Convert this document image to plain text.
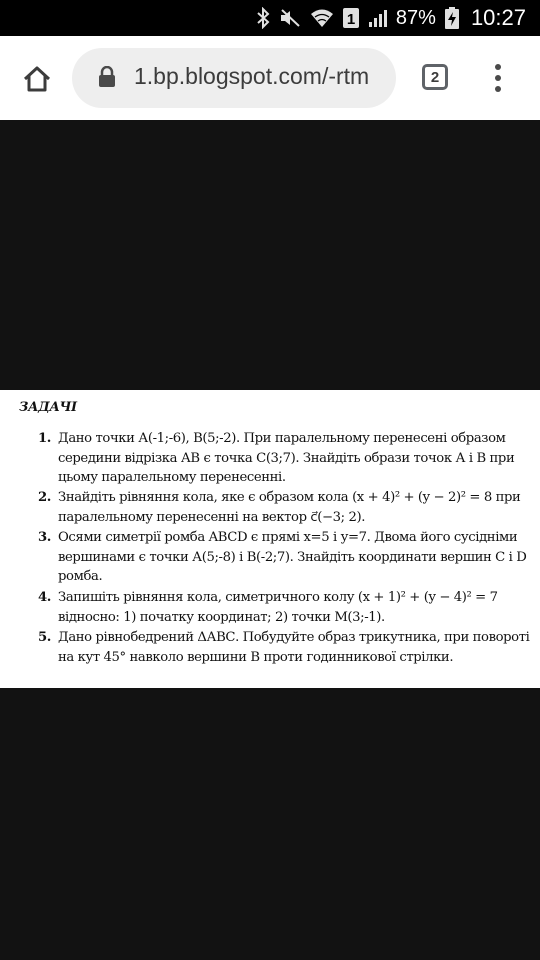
1 87% 10:27
1.bp.blogspot.com/-rtm	2
ЗАДАЧІ
1. Дано точки А(-1;-6), В(5;-2). При паралельному перенесені образом
середини відрізка АВ є точка С(3;7). Знайдіть образи точок А і В при
цьому паралельному перенесенні.
2. Знайдіть рівняння кола, яке є образом кола (x + 4)² + (y − 2)² = 8 при
паралельному перенесенні на вектор c⃗(−3; 2).
3. Осями симетрії ромба ABCD є прямі х=5 і у=7. Двома його сусідніми
вершинами є точки А(5;-8) і В(-2;7). Знайдіть координати вершин С і D
ромба.
4. Запишіть рівняння кола, симетричного колу (x + 1)² + (y − 4)² = 7
відносно: 1) початку координат; 2) точки М(3;-1).
5. Дано рівнобедрений ΔАВС. Побудуйте образ трикутника, при повороті
на кут 45° навколо вершини В проти годинникової стрілки.
